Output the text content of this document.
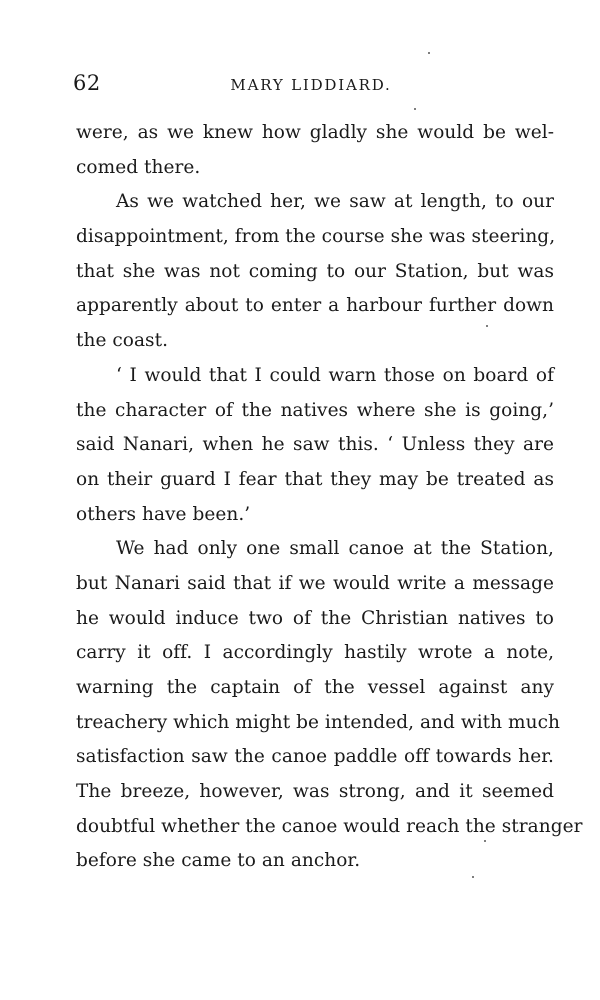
62	MARY LIDDIARD.
were, as we knew how gladly she would be wel-
comed there.
As we watched her, we saw at length, to our
disappointment, from the course she was steering,
that she was not coming to our Station, but was
apparently about to enter a harbour further down
the coast.
‘ I would that I could warn those on board of
the character of the natives where she is going,’
said Nanari, when he saw this. ‘ Unless they are
on their guard I fear that they may be treated as
others have been.’
We had only one small canoe at the Station,
but Nanari said that if we would write a message
he would induce two of the Christian natives to
carry it off. I accordingly hastily wrote a note,
warning the captain of the vessel against any
treachery which might be intended, and with much
satisfaction saw the canoe paddle off towards her.
The breeze, however, was strong, and it seemed
doubtful whether the canoe would reach the stranger
before she came to an anchor.
